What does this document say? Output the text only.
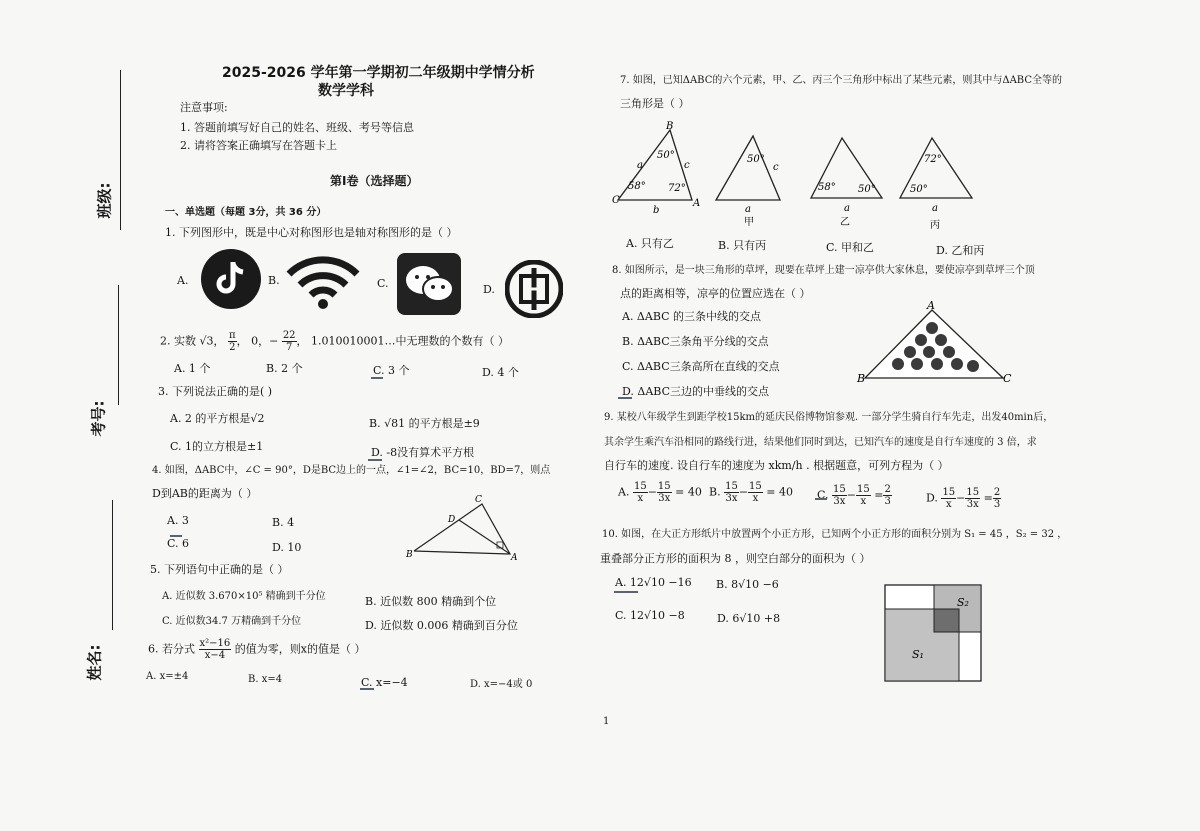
班级:
考号:
姓名:
2025-2026 学年第一学期初二年级期中学情分析
数学学科
注意事项:
1. 答题前填写好自己的姓名、班级、考号等信息
2. 请将答案正确填写在答题卡上
第Ⅰ卷（选择题）
一、单选题（每题 3分，共 36 分）
1. 下列图形中，既是中心对称图形也是轴对称图形的是（ ）
A.	B.	C.	D.
2. 实数 √3， $\frac{\pi}{2}$ ， 0，− $\frac{22}{7}$ ， 1.010010001…中无理数的个数有（ ）
A. 1 个	B. 2 个	C. 3 个	D. 4 个
3. 下列说法正确的是( )
A. 2 的平方根是√2	B. √81 的平方根是±9
C. 1的立方根是±1	D. -8没有算术平方根
4. 如图，ΔABC中，∠C = 90°，D是BC边上的一点，∠1=∠2，BC=10，BD=7，则点
D到AB的距离为（ ）
A. 3	B. 4
C. 6	D. 10
B
C
D
A
5. 下列语句中正确的是（ ）
A. 近似数 3.670×10⁵ 精确到千分位	B. 近似数 800 精确到个位
C. 近似数34.7 万精确到千分位	D. 近似数 0.006 精确到百分位
6. 若分式 $\frac{\text{x²−16}}{x-4}$ 的值为零，则x的值是（ ）
A. x=±4	B. x=4	C. x=−4	D. x=−4或 0
7. 如图，已知ΔABC的六个元素，甲、乙、丙三个三角形中标出了某些元素，则其中与ΔABC全等的
三角形是（ ）
B
50°
a	c
58° 72°
C
b
A
50°
c
a
甲
58° 50°
a
乙
72°
50°
a
丙
A. 只有乙	B. 只有丙	C. 甲和乙	D. 乙和丙
8. 如图所示，是一块三角形的草坪，现要在草坪上建一凉亭供大家休息，要使凉亭到草坪三个顶
点的距离相等，凉亭的位置应选在（ ）
A. ΔABC 的三条中线的交点
B. ΔABC三条角平分线的交点
C. ΔABC三条高所在直线的交点
D. ΔABC三边的中垂线的交点
A
B	C
9. 某校八年级学生到距学校15km的延庆民俗博物馆参观. 一部分学生骑自行车先走，出发40min后，
其余学生乘汽车沿相同的路线行进，结果他们同时到达，已知汽车的速度是自行车速度的 3 倍，求
自行车的速度. 设自行车的速度为 xkm/h . 根据题意，可列方程为（ ）
A. $\frac{15}{x} - \frac{15}{3x} = 40$ B. $\frac{15}{3x} - \frac{15}{x} = 40$ C. $\frac{15}{3x} - \frac{15}{x} = \frac{2}{3}$	D. $\frac{15}{x} - \frac{15}{3x} = \frac{2}{3}$
10. 如图，在大正方形纸片中放置两个小正方形，已知两个小正方形的面积分别为 S₁ = 45 ，S₂ = 32 ，
重叠部分正方形的面积为 8 ，则空白部分的面积为（ ）
A. 12√10 −16 B. 8√10 −6
C. 12√10 −8	D. 6√10 +8
S₂
S₁
1
